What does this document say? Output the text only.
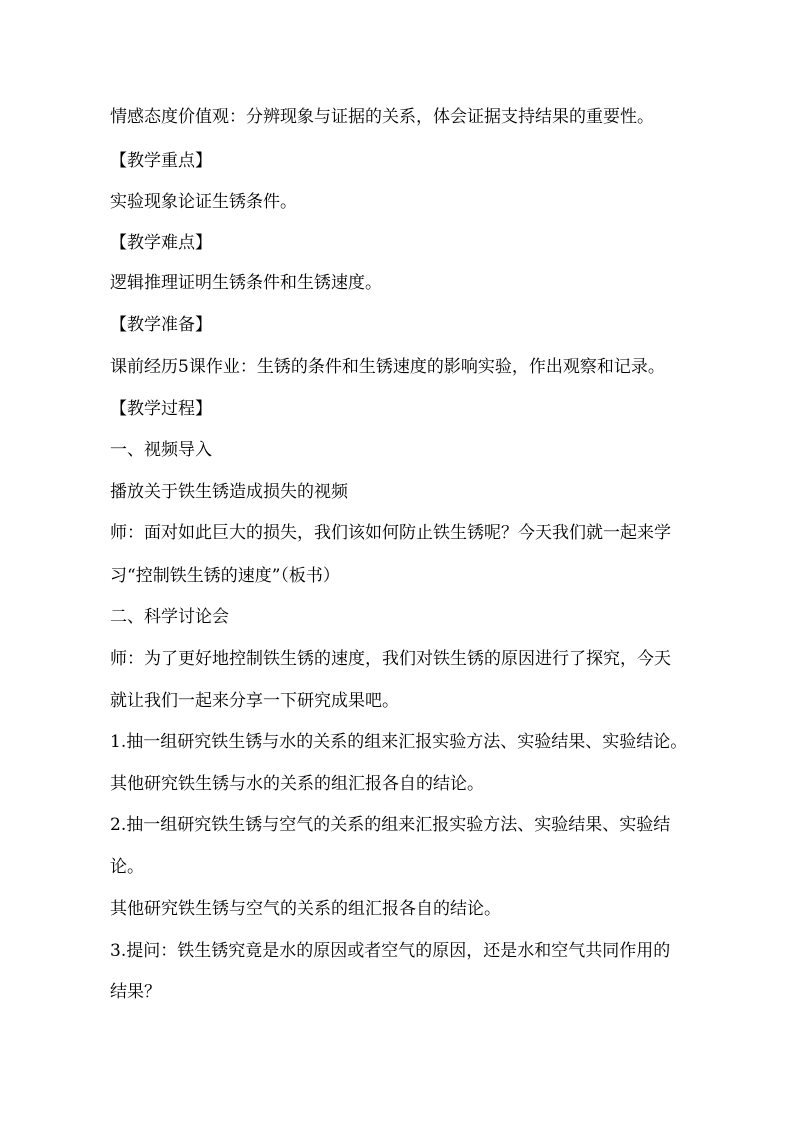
情感态度价值观：分辨现象与证据的关系，体会证据支持结果的重要性。
【教学重点】
实验现象论证生锈条件。
【教学难点】
逻辑推理证明生锈条件和生锈速度。
【教学准备】
课前经历5课作业：生锈的条件和生锈速度的影响实验，作出观察和记录。
【教学过程】
一、视频导入
播放关于铁生锈造成损失的视频
师：面对如此巨大的损失，我们该如何防止铁生锈呢？今天我们就一起来学
习“控制铁生锈的速度”（板书）
二、科学讨论会
师：为了更好地控制铁生锈的速度，我们对铁生锈的原因进行了探究，今天
就让我们一起来分享一下研究成果吧。
1.抽一组研究铁生锈与水的关系的组来汇报实验方法、实验结果、实验结论。
其他研究铁生锈与水的关系的组汇报各自的结论。
2.抽一组研究铁生锈与空气的关系的组来汇报实验方法、实验结果、实验结
论。
其他研究铁生锈与空气的关系的组汇报各自的结论。
3.提问：铁生锈究竟是水的原因或者空气的原因，还是水和空气共同作用的
结果？
